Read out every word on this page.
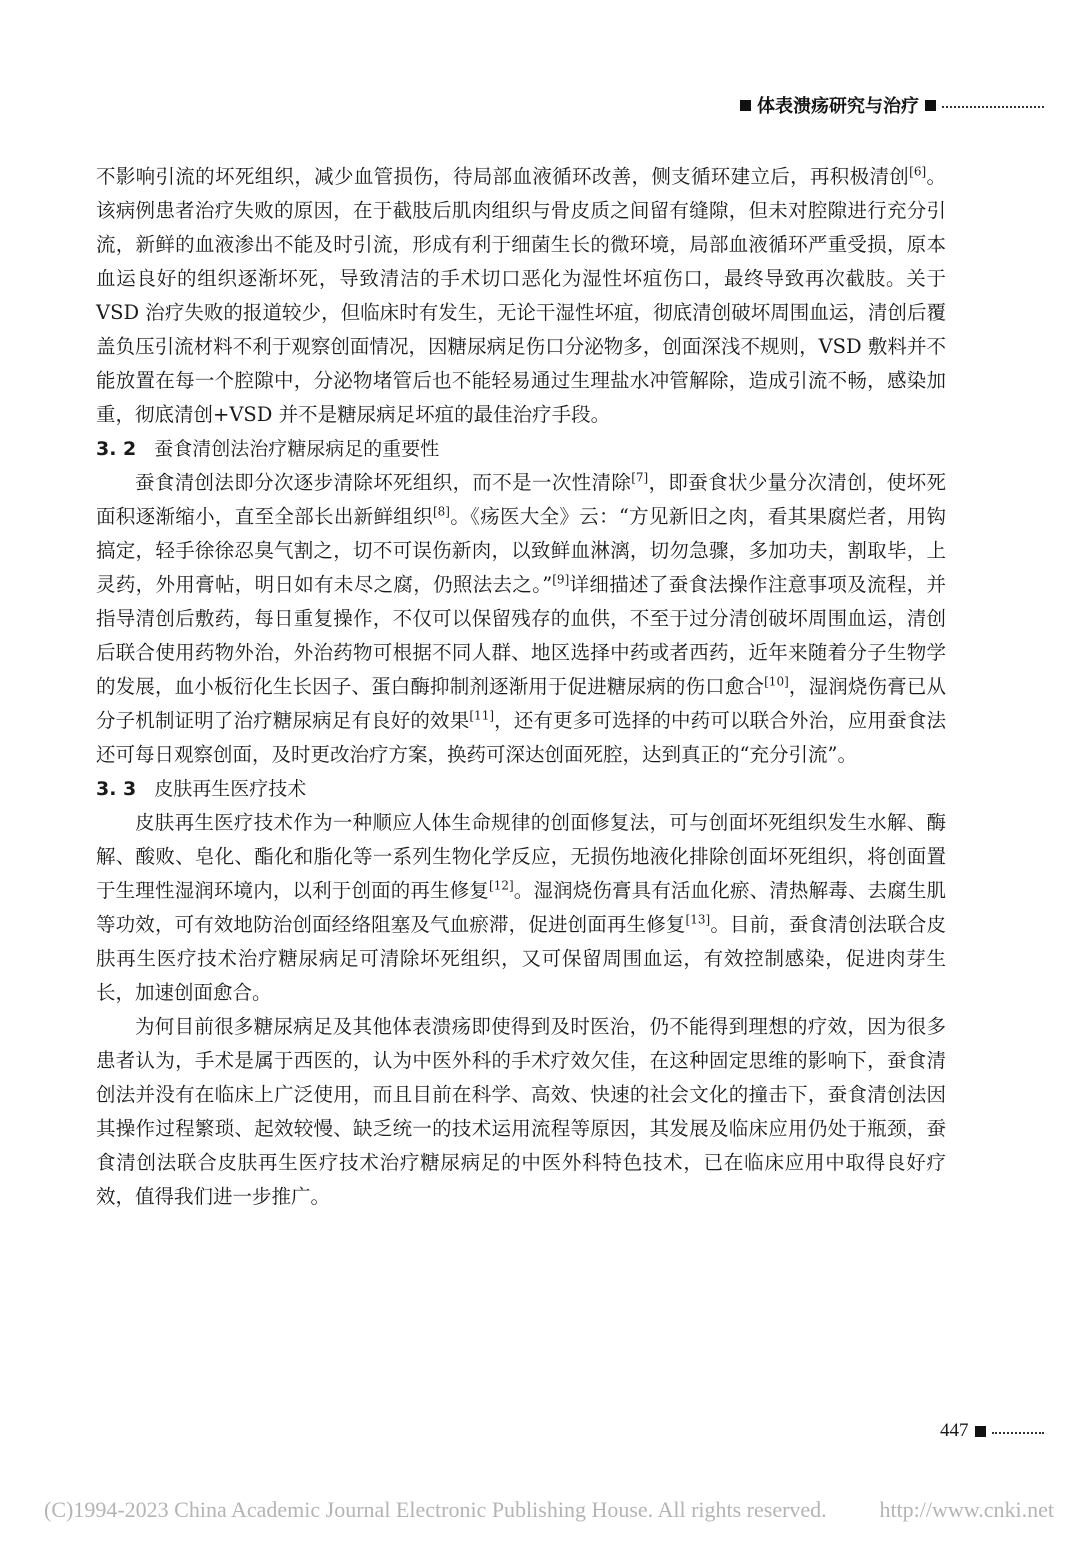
体表溃疡研究与治疗

不影响引流的坏死组织，减少血管损伤，待局部血液循环改善，侧支循环建立后，再积极清创[6]。该病例患者治疗失败的原因，在于截肢后肌肉组织与骨皮质之间留有缝隙，但未对腔隙进行充分引流，新鲜的血液渗出不能及时引流，形成有利于细菌生长的微环境，局部血液循环严重受损，原本血运良好的组织逐渐坏死，导致清洁的手术切口恶化为湿性坏疽伤口，最终导致再次截肢。关于 VSD 治疗失败的报道较少，但临床时有发生，无论干湿性坏疽，彻底清创破坏周围血运，清创后覆盖负压引流材料不利于观察创面情况，因糖尿病足伤口分泌物多，创面深浅不规则，VSD 敷料并不能放置在每一个腔隙中，分泌物堵管后也不能轻易通过生理盐水冲管解除，造成引流不畅，感染加重，彻底清创+VSD 并不是糖尿病足坏疽的最佳治疗手段。

3. 2 蚕食清创法治疗糖尿病足的重要性

蚕食清创法即分次逐步清除坏死组织，而不是一次性清除[7]，即蚕食状少量分次清创，使坏死面积逐渐缩小，直至全部长出新鲜组织[8]。《疡医大全》云：“方见新旧之肉，看其果腐烂者，用钩搞定，轻手徐徐忍臭气割之，切不可误伤新肉，以致鲜血淋漓，切勿急骤，多加功夫，割取毕，上灵药，外用膏帖，明日如有未尽之腐，仍照法去之。”[9]详细描述了蚕食法操作注意事项及流程，并指导清创后敷药，每日重复操作，不仅可以保留残存的血供，不至于过分清创破坏周围血运，清创后联合使用药物外治，外治药物可根据不同人群、地区选择中药或者西药，近年来随着分子生物学的发展，血小板衍化生长因子、蛋白酶抑制剂逐渐用于促进糖尿病的伤口愈合[10]，湿润烧伤膏已从分子机制证明了治疗糖尿病足有良好的效果[11]，还有更多可选择的中药可以联合外治，应用蚕食法还可每日观察创面，及时更改治疗方案，换药可深达创面死腔，达到真正的“充分引流”。

3. 3 皮肤再生医疗技术

皮肤再生医疗技术作为一种顺应人体生命规律的创面修复法，可与创面坏死组织发生水解、酶解、酸败、皂化、酯化和脂化等一系列生物化学反应，无损伤地液化排除创面坏死组织，将创面置于生理性湿润环境内，以利于创面的再生修复[12]。湿润烧伤膏具有活血化瘀、清热解毒、去腐生肌等功效，可有效地防治创面经络阻塞及气血瘀滞，促进创面再生修复[13]。目前，蚕食清创法联合皮肤再生医疗技术治疗糖尿病足可清除坏死组织，又可保留周围血运，有效控制感染，促进肉芽生长，加速创面愈合。

为何目前很多糖尿病足及其他体表溃疡即使得到及时医治，仍不能得到理想的疗效，因为很多患者认为，手术是属于西医的，认为中医外科的手术疗效欠佳，在这种固定思维的影响下，蚕食清创法并没有在临床上广泛使用，而且目前在科学、高效、快速的社会文化的撞击下，蚕食清创法因其操作过程繁琐、起效较慢、缺乏统一的技术运用流程等原因，其发展及临床应用仍处于瓶颈，蚕食清创法联合皮肤再生医疗技术治疗糖尿病足的中医外科特色技术，已在临床应用中取得良好疗效，值得我们进一步推广。

447
(C)1994-2023 China Academic Journal Electronic Publishing House. All rights reserved. http://www.cnki.net
